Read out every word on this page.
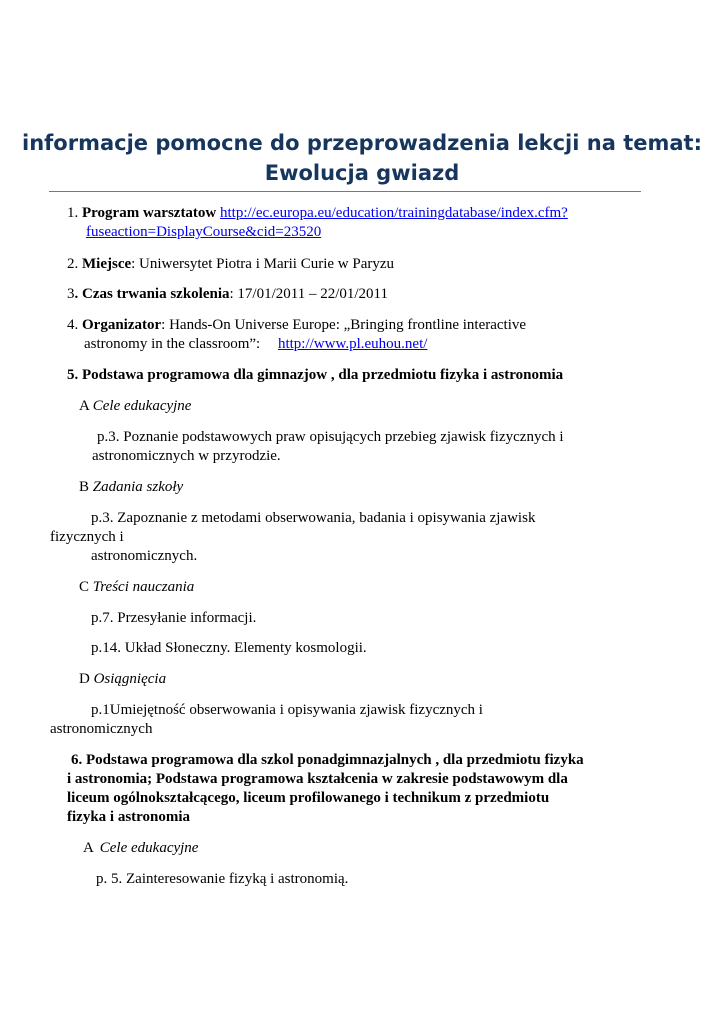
informacje pomocne do przeprowadzenia lekcji na temat:
Ewolucja gwiazd
1. Program warsztatow http://ec.europa.eu/education/trainingdatabase/index.cfm?
fuseaction=DisplayCourse&cid=23520
2. Miejsce: Uniwersytet Piotra i Marii Curie w Paryzu
3. Czas trwania szkolenia: 17/01/2011 – 22/01/2011
4. Organizator: Hands-On Universe Europe: „Bringing frontline interactive
astronomy in the classroom”: http://www.pl.euhou.net/
5. Podstawa programowa dla gimnazjow , dla przedmiotu fizyka i astronomia
A Cele edukacyjne
p.3. Poznanie podstawowych praw opisujących przebieg zjawisk fizycznych i
astronomicznych w przyrodzie.
B Zadania szkoły
p.3. Zapoznanie z metodami obserwowania, badania i opisywania zjawisk
fizycznych i
astronomicznych.
C Treści nauczania
p.7. Przesyłanie informacji.
p.14. Układ Słoneczny. Elementy kosmologii.
D Osiągnięcia
p.1Umiejętność obserwowania i opisywania zjawisk fizycznych i
astronomicznych
6. Podstawa programowa dla szkol ponadgimnazjalnych , dla przedmiotu fizyka
i astronomia; Podstawa programowa kształcenia w zakresie podstawowym dla
liceum ogólnokształcącego, liceum profilowanego i technikum z przedmiotu
fizyka i astronomia
A Cele edukacyjne
p. 5. Zainteresowanie fizyką i astronomią.
